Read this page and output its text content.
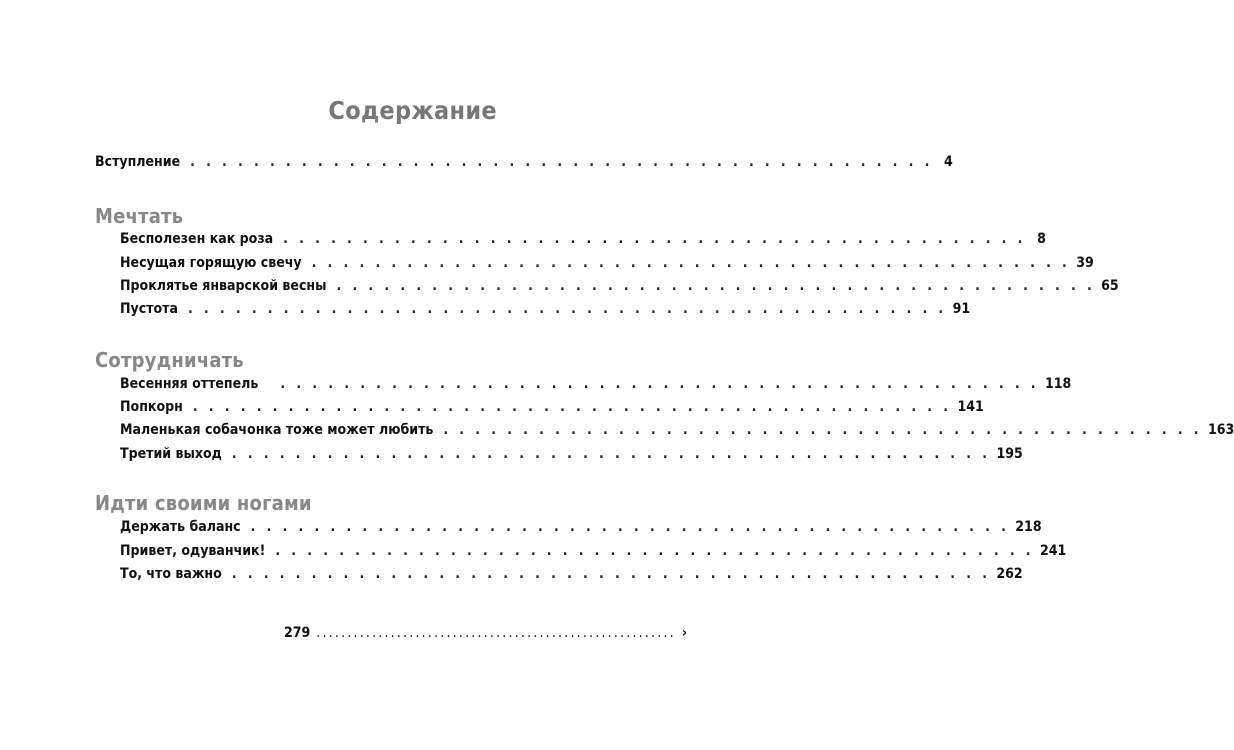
Содержание
Вступление . . . . . . . . . . . . . . . . . . . . . . . . . . . . . . . . . . . . . . . . . . . . . . . 4
Мечтать
Бесполезен как роза . . . . . . . . . . . . . . . . . . . . . . . . . . . . . . . . . . . . . . . . . . . . . . . 8
Несущая горящую свечу . . . . . . . . . . . . . . . . . . . . . . . . . . . . . . . . . . . . . . . . . . . . . . . . 39
Проклятье январской весны . . . . . . . . . . . . . . . . . . . . . . . . . . . . . . . . . . . . . . . . . . . . . . . . 65
Пустота . . . . . . . . . . . . . . . . . . . . . . . . . . . . . . . . . . . . . . . . . . . . . . . . 91
Сотрудничать
Весенняя оттепель . . . . . . . . . . . . . . . . . . . . . . . . . . . . . . . . . . . . . . . . . . . . . . . . 118
Попкорн . . . . . . . . . . . . . . . . . . . . . . . . . . . . . . . . . . . . . . . . . . . . . . . . 141
Маленькая собачонка тоже может любить . . . . . . . . . . . . . . . . . . . . . . . . . . . . . . . . . . . . . . . . . . . . . . . . 163
Третий выход . . . . . . . . . . . . . . . . . . . . . . . . . . . . . . . . . . . . . . . . . . . . . . . . 195
Идти своими ногами
Держать баланс . . . . . . . . . . . . . . . . . . . . . . . . . . . . . . . . . . . . . . . . . . . . . . . . 218
Привет, одуванчик! . . . . . . . . . . . . . . . . . . . . . . . . . . . . . . . . . . . . . . . . . . . . . . . . 241
То, что важно . . . . . . . . . . . . . . . . . . . . . . . . . . . . . . . . . . . . . . . . . . . . . . . . 262
279 .......................................................... ›
